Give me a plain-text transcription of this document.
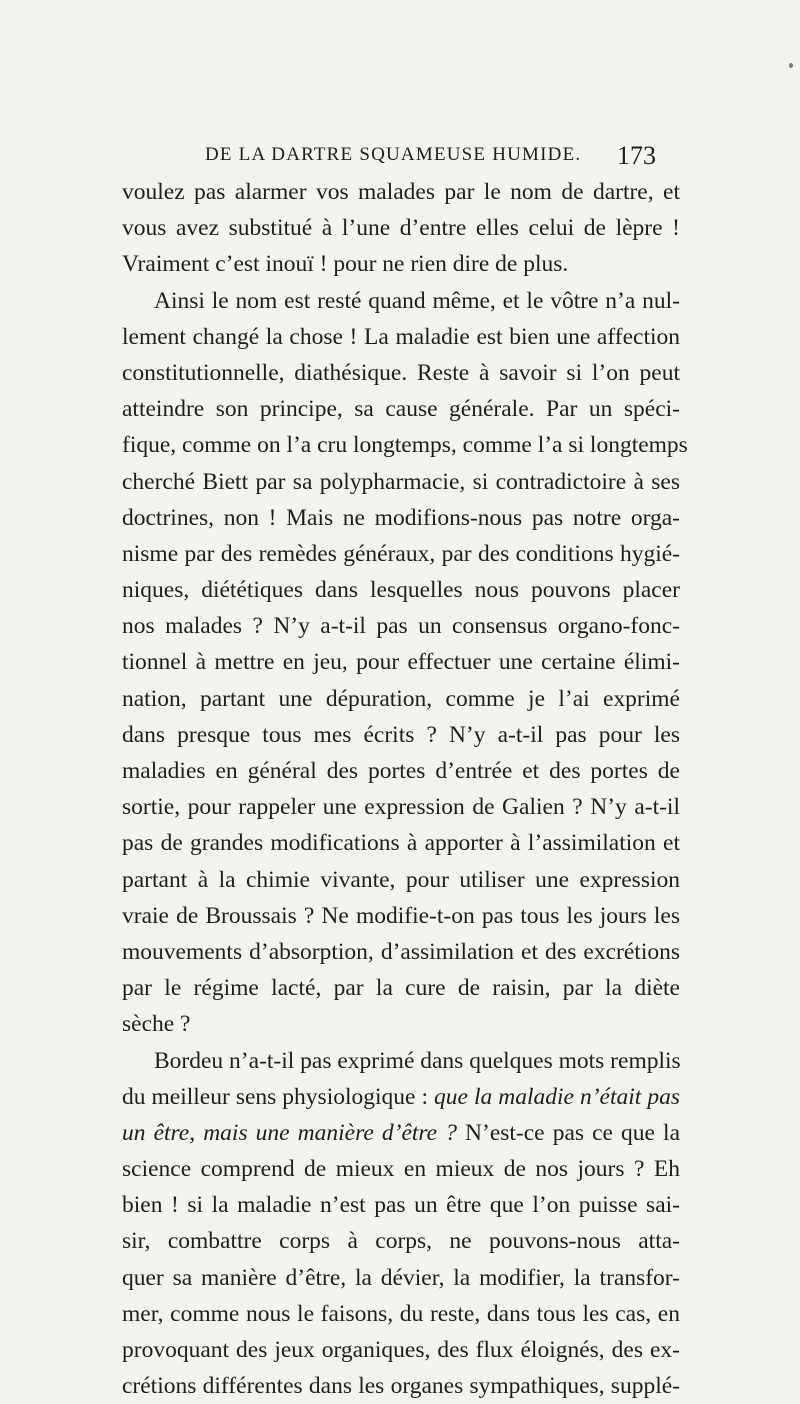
DE LA DARTRE SQUAMEUSE HUMIDE. 173
voulez pas alarmer vos malades par le nom de dartre, et
vous avez substitué à l’une d’entre elles celui de lèpre !
Vraiment c’est inouï ! pour ne rien dire de plus.
Ainsi le nom est resté quand même, et le vôtre n’a nul-
lement changé la chose ! La maladie est bien une affection
constitutionnelle, diathésique. Reste à savoir si l’on peut
atteindre son principe, sa cause générale. Par un spéci-
fique, comme on l’a cru longtemps, comme l’a si longtemps
cherché Biett par sa polypharmacie, si contradictoire à ses
doctrines, non ! Mais ne modifions-nous pas notre orga-
nisme par des remèdes généraux, par des conditions hygié-
niques, diététiques dans lesquelles nous pouvons placer
nos malades ? N’y a-t-il pas un consensus organo-fonc-
tionnel à mettre en jeu, pour effectuer une certaine élimi-
nation, partant une dépuration, comme je l’ai exprimé
dans presque tous mes écrits ? N’y a-t-il pas pour les
maladies en général des portes d’entrée et des portes de
sortie, pour rappeler une expression de Galien ? N’y a-t-il
pas de grandes modifications à apporter à l’assimilation et
partant à la chimie vivante, pour utiliser une expression
vraie de Broussais ? Ne modifie-t-on pas tous les jours les
mouvements d’absorption, d’assimilation et des excrétions
par le régime lacté, par la cure de raisin, par la diète
sèche ?
Bordeu n’a-t-il pas exprimé dans quelques mots remplis
du meilleur sens physiologique : que la maladie n’était pas
un être, mais une manière d’être ? N’est-ce pas ce que la
science comprend de mieux en mieux de nos jours ? Eh
bien ! si la maladie n’est pas un être que l’on puisse sai-
sir, combattre corps à corps, ne pouvons-nous atta-
quer sa manière d’être, la dévier, la modifier, la transfor-
mer, comme nous le faisons, du reste, dans tous les cas, en
provoquant des jeux organiques, des flux éloignés, des ex-
crétions différentes dans les organes sympathiques, supplé-
